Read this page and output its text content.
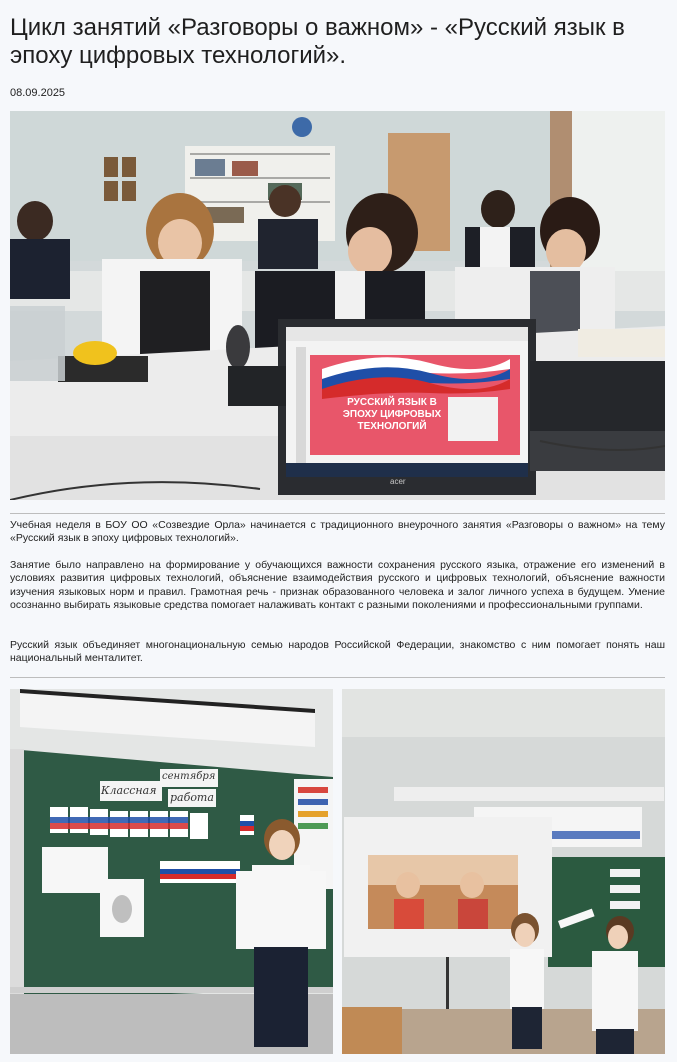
Цикл занятий «Разговоры о важном» - «Русский язык в эпоху цифровых технологий».
08.09.2025
РУССКИЙ ЯЗЫК В ЭПОХУ ЦИФРОВЫХ ТЕХНОЛОГИЙ
acer

Учебная неделя в БОУ ОО «Созвездие Орла» начинается с традиционного внеурочного занятия «Разговоры о важном» на тему «Русский язык в эпоху цифровых технологий».

Занятие было направлено на формирование у обучающихся важности сохранения русского языка, отражение его изменений в условиях развития цифровых технологий, объяснение взаимодействия русского и цифровых технологий, объяснение важности изучения языковых норм и правил. Грамотная речь - признак образованного человека и залог личного успеха в будущем. Умение осознанно выбирать языковые средства помогает налаживать контакт с разными поколениями и профессиональными группами.

Русский язык объединяет многонациональную семью народов Российской Федерации, знакомство с ним помогает понять наш национальный менталитет.

Классная
сентября
работа
